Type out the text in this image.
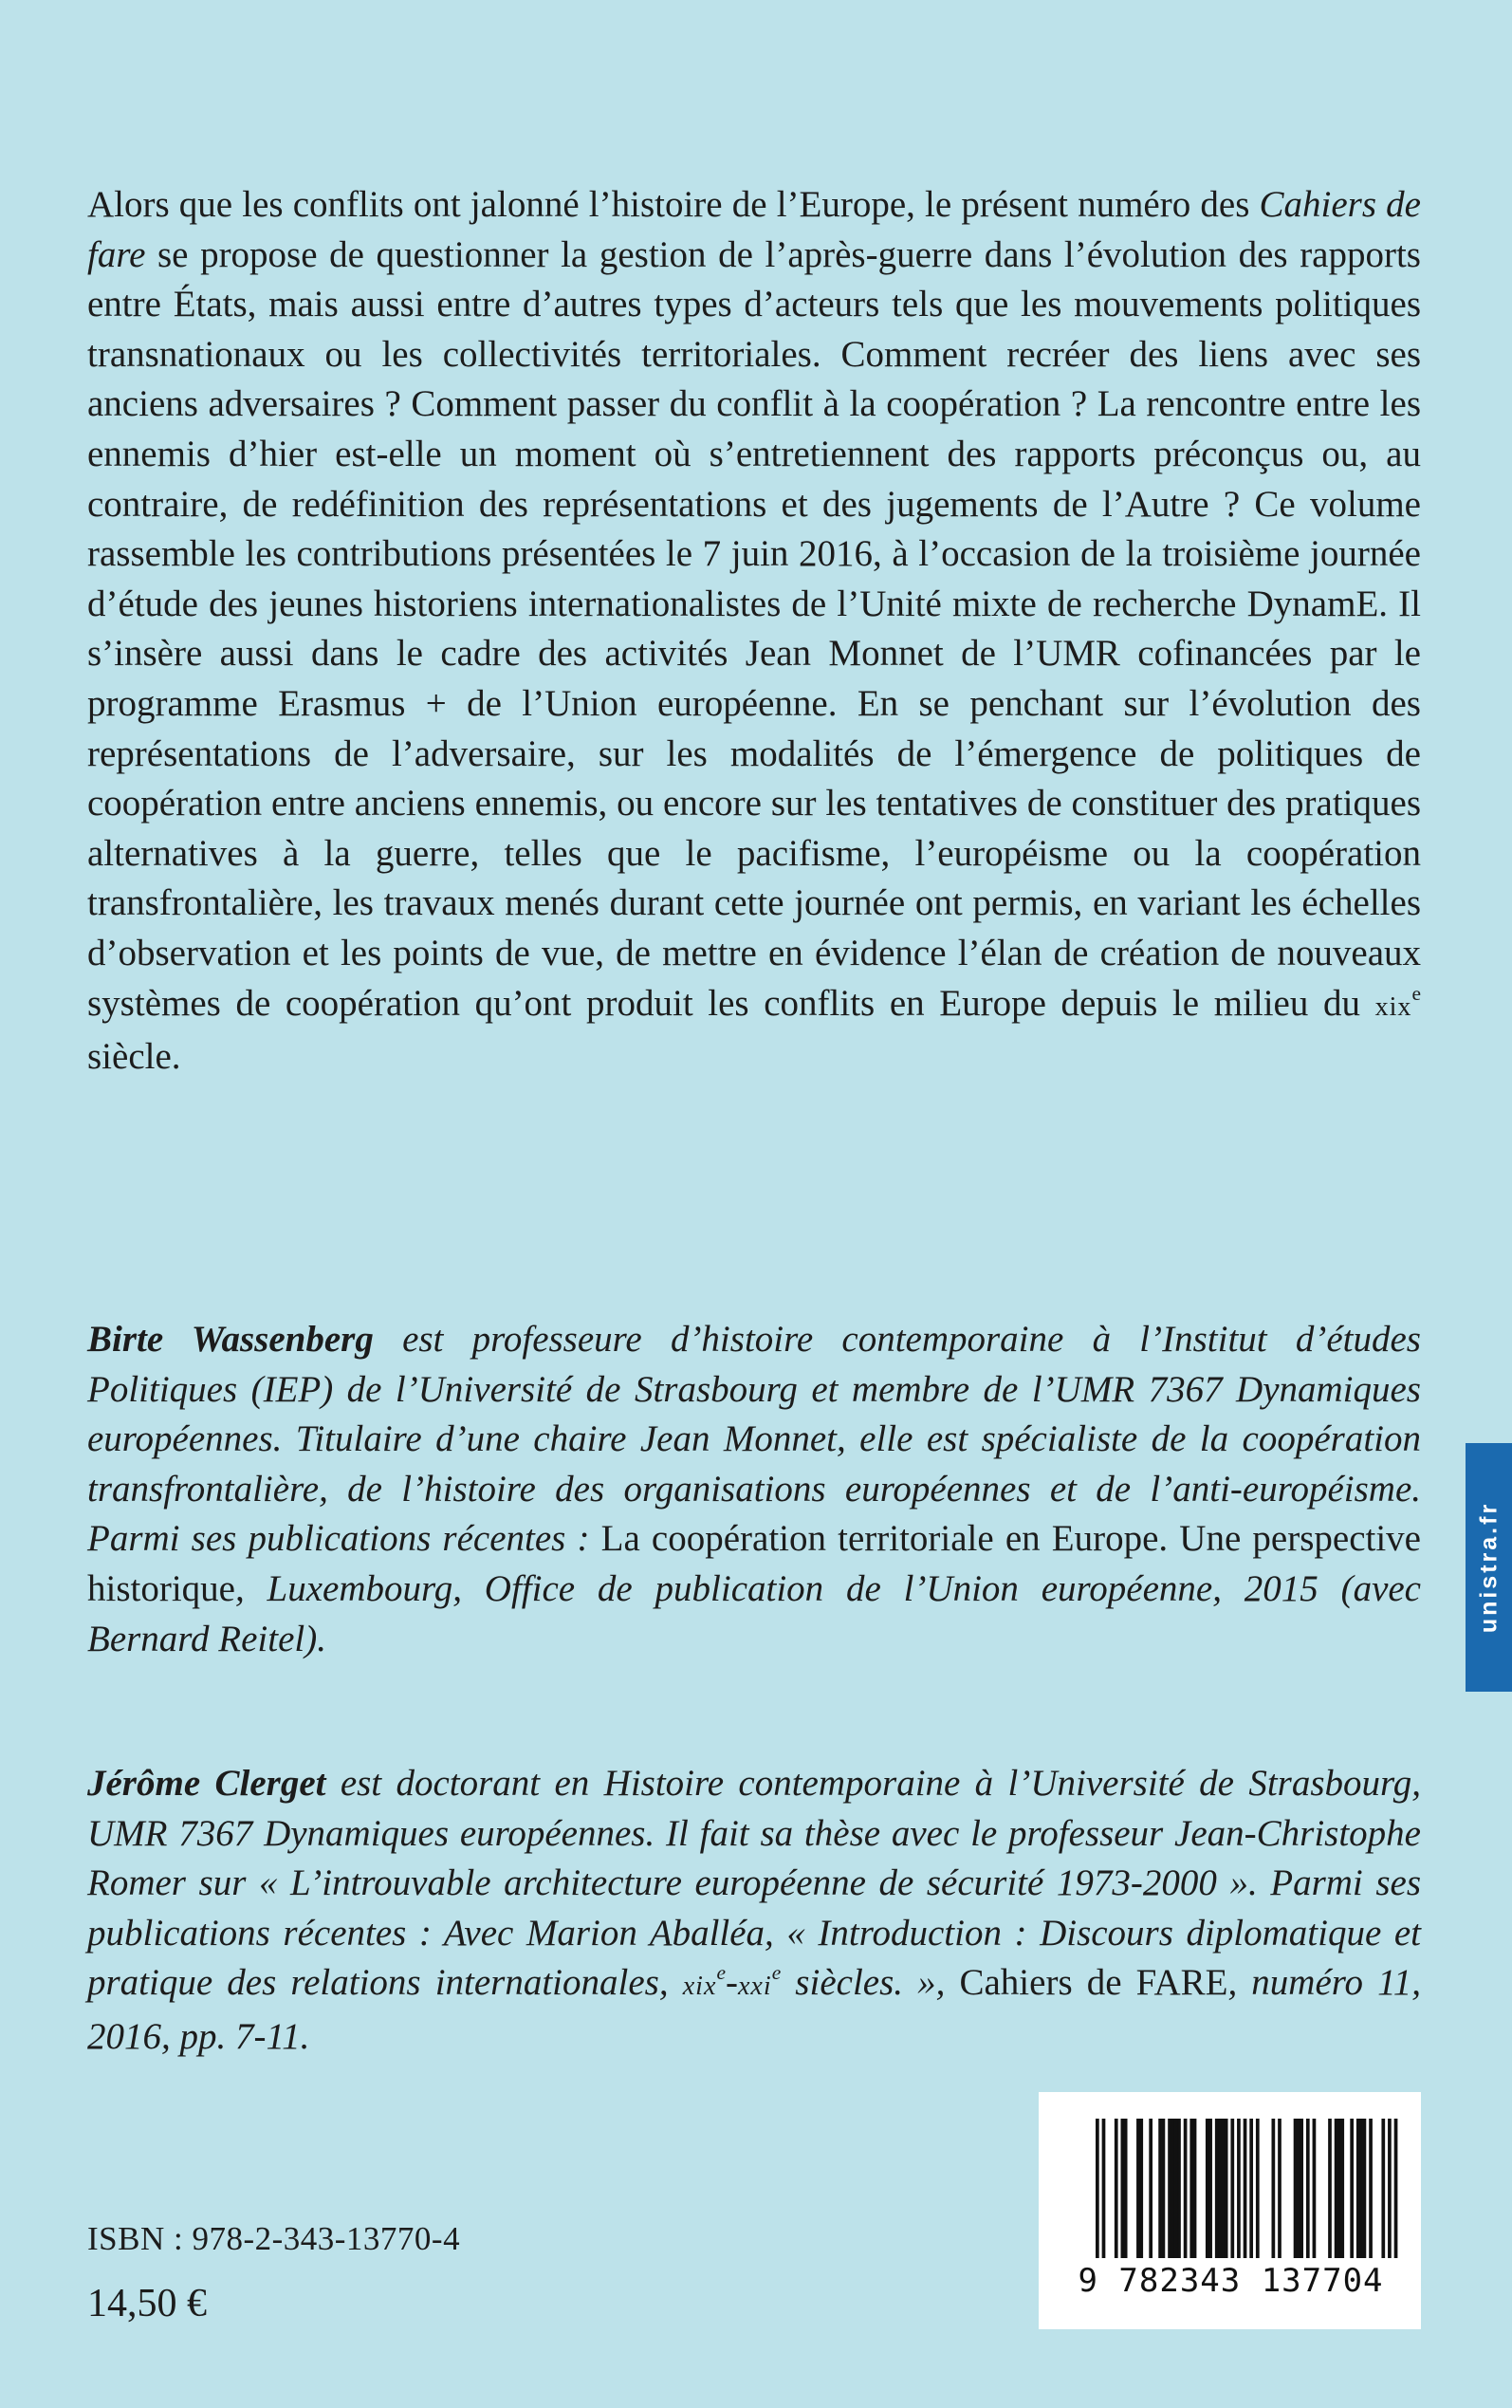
Alors que les conflits ont jalonné l’histoire de l’Europe, le présent numéro des Cahiers de fare se propose de questionner la gestion de l’après-guerre dans l’évolution des rapports entre États, mais aussi entre d’autres types d’acteurs tels que les mouvements politiques transnationaux ou les collectivités territoriales. Comment recréer des liens avec ses anciens adversaires ? Comment passer du conflit à la coopération ? La rencontre entre les ennemis d’hier est-elle un moment où s’entretiennent des rapports préconçus ou, au contraire, de redéfinition des représentations et des jugements de l’Autre ? Ce volume rassemble les contributions présentées le 7 juin 2016, à l’occasion de la troisième journée d’étude des jeunes historiens internationalistes de l’Unité mixte de recherche DynamE. Il s’insère aussi dans le cadre des activités Jean Monnet de l’UMR cofinancées par le programme Erasmus + de l’Union européenne. En se penchant sur l’évolution des représentations de l’adversaire, sur les modalités de l’émergence de politiques de coopération entre anciens ennemis, ou encore sur les tentatives de constituer des pratiques alternatives à la guerre, telles que le pacifisme, l’européisme ou la coopération transfrontalière, les travaux menés durant cette journée ont permis, en variant les échelles d’observation et les points de vue, de mettre en évidence l’élan de création de nouveaux systèmes de coopération qu’ont produit les conflits en Europe depuis le milieu du xix$^e$ siècle.
Birte Wassenberg est professeure d’histoire contemporaine à l’Institut d’études Politiques (IEP) de l’Université de Strasbourg et membre de l’UMR 7367 Dynamiques européennes. Titulaire d’une chaire Jean Monnet, elle est spécialiste de la coopération transfrontalière, de l’histoire des organisations européennes et de l’anti-européisme. Parmi ses publications récentes : La coopération territoriale en Europe. Une perspective historique, Luxembourg, Office de publication de l’Union européenne, 2015 (avec Bernard Reitel).
Jérôme Clerget est doctorant en Histoire contemporaine à l’Université de Strasbourg, UMR 7367 Dynamiques européennes. Il fait sa thèse avec le professeur Jean-Christophe Romer sur « L’introuvable architecture européenne de sécurité 1973-2000 ». Parmi ses publications récentes : Avec Marion Aballéa, « Introduction : Discours diplomatique et pratique des relations internationales, xix$^e$-xxi$^e$ siècles. », Cahiers de FARE, numéro 11, 2016, pp. 7-11.
unistra.fr
ISBN : 978-2-343-13770-4
14,50 €
9 782343 137704
